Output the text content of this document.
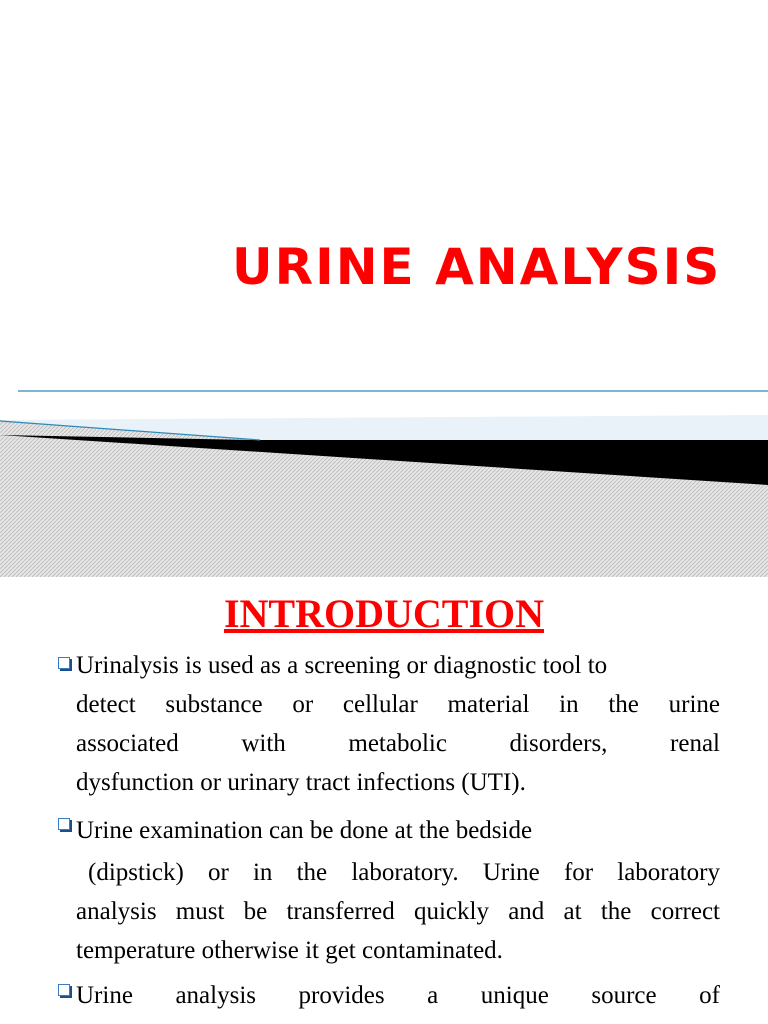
URINE ANALYSIS
INTRODUCTION
Urinalysis is used as a screening or diagnostic tool to
detect substance or cellular material in the urine
associated with metabolic disorders, renal
dysfunction or urinary tract infections (UTI).
Urine examination can be done at the bedside
(dipstick) or in the laboratory. Urine for laboratory
analysis must be transferred quickly and at the correct
temperature otherwise it get contaminated.
Urine analysis provides a unique source of
